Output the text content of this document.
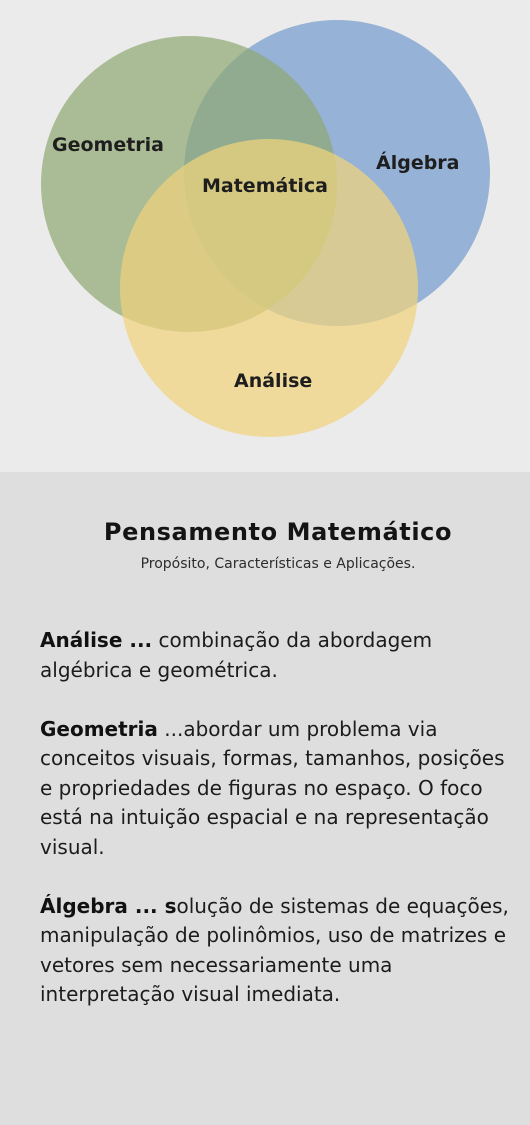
Geometria
Álgebra
Matemática
Análise
Pensamento Matemático
Propósito, Características e Aplicações.

Análise ... combinação da abordagem algébrica e geométrica.

Geometria ...abordar um problema via conceitos visuais, formas, tamanhos, posições e propriedades de figuras no espaço. O foco está na intuição espacial e na representação visual.

Álgebra ... solução de sistemas de equações, manipulação de polinômios, uso de matrizes e vetores sem necessariamente uma interpretação visual imediata.
